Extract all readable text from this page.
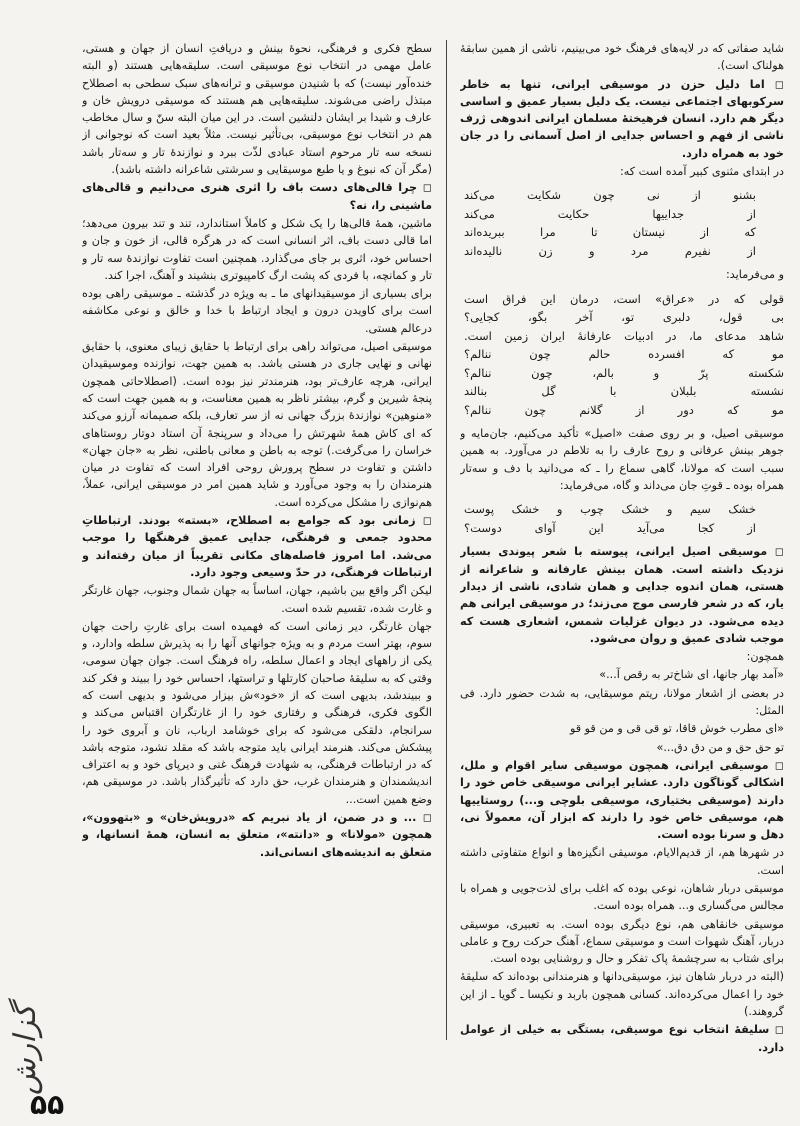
شاید صفاتی که در لایه‌های فرهنگ خود می‌بینیم، ناشی از همین سابقهٔ هولناک است).

◻ اما دلیل حزن در موسیقی ایرانی، تنها به خاطر سرکوبهای اجتماعی نیست. یک دلیل بسیار عمیق و اساسی دیگر هم دارد. انسان فرهیختهٔ مسلمان ایرانی اندوهی ژرف ناشی از فهم و احساس جدایی از اصل آسمانی را در جان خود به همراه دارد.

در ابتدای مثنوی کبیر آمده است که:

بشنو از نی چون شکایت می‌کند
از جداییها حکایت می‌کند
که از نیستان تا مرا ببریده‌اند
از نفیرم مرد و زن نالیده‌اند

و می‌فرماید:

قولی که در «عراق» است، درمان این فراق است
بی قول، دلبری تو، آخر بگو، کجایی؟
شاهد مدعای ما، در ادبیات عارفانهٔ ایران زمین است.
مو که افسرده حالم چون ننالم؟
شکسته پرّ و بالم، چون ننالم؟
نشسته بلبلان با گل بنالند
مو که دور از گلانم چون ننالم؟

موسیقی اصیل، و بر روی صفت «اصیل» تأکید می‌کنیم، جان‌مایه و جوهر بینش عرفانی و روح عارف را به تلاطم در می‌آورد. به همین سبب است که مولانا، گاهی سماع را ـ که می‌دانید با دف و سه‌تار همراه بوده ـ قوتِ جان می‌داند و گاه، می‌فرماید:

خشک سیم و خشک چوب و خشک پوست
از کجا می‌آید این آوای دوست؟

◻ موسیقی اصیل ایرانی، پیوسته با شعر پیوندی بسیار نزدیک داشته است. همان بینش عارفانه و شاعرانه از هستی، همان اندوه جدایی و همان شادی، ناشی از دیدار یار، که در شعر فارسی موج می‌زند؛ در موسیقی ایرانی هم دیده می‌شود. در دیوان غزلیات شمس، اشعاری هست که موجب شادی عمیق و روان می‌شود.

همچون:

«آمد بهار جانها، ای شاخ‌تر به رقص آ...»

در بعضی از اشعار مولانا، ریتم موسیقایی، به شدت حضور دارد. فی المثل:

«ای مطرب خوش قاقا، تو قی قی و من قو قو

تو حق حق و من دق دق...»

◻ موسیقی ایرانی، همچون موسیقی سایر اقوام و ملل، اشکالی گوناگون دارد. عشایر ایرانی موسیقی خاص خود را دارند (موسیقی بختیاری، موسیقی بلوچی و...) روستاییها هم، موسیقی خاص خود را دارند که ابزار آن، معمولاً نی، دهل و سرنا بوده است.

در شهرها هم، از قدیم‌الایام، موسیقی انگیزه‌ها و انواع متفاوتی داشته است.

موسیقی دربار شاهان، نوعی بوده که اغلب برای لذت‌جویی و همراه با مجالس می‌گساری و... همراه بوده است.

موسیقی خانقاهی هم، نوع دیگری بوده است. به تعبیری، موسیقی دربار، آهنگ شهوات است و موسیقی سماع، آهنگ حرکت روح و عاملی برای شتاب به سرچشمهٔ پاک تفکر و حال و روشنایی بوده است.

(البته در دربار شاهان نیز، موسیقی‌دانها و هنرمندانی بوده‌اند که سلیقهٔ خود را اعمال می‌کرده‌اند. کسانی همچون باربد و نکیسا ـ گویا ـ از این گروهند.)

◻ سلیقهٔ انتخاب نوع موسیقی، بستگی به خیلی از عوامل دارد.

سطح فکری و فرهنگی، نحوهٔ بینش و دریافتِ انسان از جهان و هستی، عامل مهمی در انتخاب نوع موسیقی است. سلیقه‌هایی هستند (و البته خنده‌آور نیست) که با شنیدن موسیقی و ترانه‌های سبک سطحی به اصطلاح مبتذل راضی می‌شوند. سلیقه‌هایی هم هستند که موسیقی درویش خان و عارف و شیدا بر ایشان دلنشین است. در این میان البته سنّ و سال مخاطب هم در انتخاب نوع موسیقی، بی‌تأثیر نیست. مثلاً بعید است که نوجوانی از نسخه سه تار مرحوم استاد عبادی لذّت ببرد و نوازندهٔ تار و سه‌تار باشد (مگر آن که نبوغ و یا طبع موسیقایی و سرشتی شاعرانه داشته باشد).

◻ چرا قالی‌های دست باف را اثری هنری می‌دانیم و قالی‌های ماشینی را، نه؟

ماشین، همهٔ قالی‌ها را یک شکل و کاملاً استاندارد، تند و تند بیرون می‌دهد؛ اما قالی دست باف، اثر انسانی است که در هرگره قالی، از خون و جان و احساس خود، اثری بر جای می‌گذارد. همچنین است تفاوت نوازندهٔ سه تار و تار و کمانچه، با فردی که پشت ارگ کامپیوتری بنشیند و آهنگ، اجرا کند.

برای بسیاری از موسیقیدانهای ما ـ به ویژه در گذشته ـ موسیقی راهی بوده است برای کاویدن درون و ایجاد ارتباط با خدا و خالق و نوعی مکاشفه درعالم هستی.

موسیقی اصیل، می‌تواند راهی برای ارتباط با حقایق زیبای معنوی، با حقایق نهانی و نهایی جاری در هستی باشد. به همین جهت، نوازنده وموسیقیدان ایرانی، هرچه عارف‌تر بود، هنرمندتر نیز بوده است. (اصطلاحاتی همچون پنجهٔ شیرین و گرم، بیشتر ناظر به همین معناست، و به همین جهت است که «منوهین» نوازندهٔ بزرگ جهانی نه از سر تعارف، بلکه صمیمانه آرزو می‌کند که ای کاش همهٔ شهرتش را می‌داد و سرپنجهٔ آن استاد دوتار روستاهای خراسان را می‌گرفت.) توجه به باطن و معانی باطنی، نظر به «جان جهان» داشتن و تفاوت در سطح پرورش روحی افراد است که تفاوت در میان هنرمندان را به وجود می‌آورد و شاید همین امر در موسیقی ایرانی، عملاً، هم‌نوازی را مشکل می‌کرده است.

◻ زمانی بود که جوامع به اصطلاح، «بسته» بودند. ارتباطاتِ محدود جمعی و فرهنگی، جدایی عمیق فرهنگها را موجب می‌شد. اما امروز فاصله‌های مکانی تقریباً از میان رفته‌اند و ارتباطات فرهنگی، در حدّ وسیعی وجود دارد.

لیکن اگر واقع بین باشیم، جهان، اساساً به جهان شمال وجنوب، جهان غارتگر و غارت شده، تقسیم شده است.

جهان غارتگر، دیر زمانی است که فهمیده است برای غارتِ راحت جهان سوم، بهتر است مردم و به ویژه جوانهای آنها را به پذیرش سلطه وادارد، و یکی از راههای ایجاد و اعمال سلطه، راه فرهنگ است. جوان جهان سومی، وقتی که به سلیقهٔ صاحبان کارتلها و تراستها، احساس خود را ببیند و فکر کند و ببیندشد، بدیهی است که از «خود»ش بیزار می‌شود و بدیهی است که الگوی فکری، فرهنگی و رفتاری خود را از غارتگران اقتباس می‌کند و سرانجام، دلقکی می‌شود که برای خوشامد ارباب، نان و آبروی خود را پیشکش می‌کند. هنرمند ایرانی باید متوجه باشد که مقلد نشود، متوجه باشد که در ارتباطات فرهنگی، به شهادت فرهنگ غنی و دیرپای خود و به اعتراف اندیشمندان و هنرمندان غرب، حق دارد که تأثیرگذار باشد. در موسیقی هم، وضع همین است...

◻ ... و در ضمن، از یاد نبریم که «درویش‌خان» و «بتهوون»، همچون «مولانا» و «دانته»، متعلق به انسان، همهٔ انسانها، و متعلق به اندیشه‌های انسانی‌اند.

گزارش
۵۵
